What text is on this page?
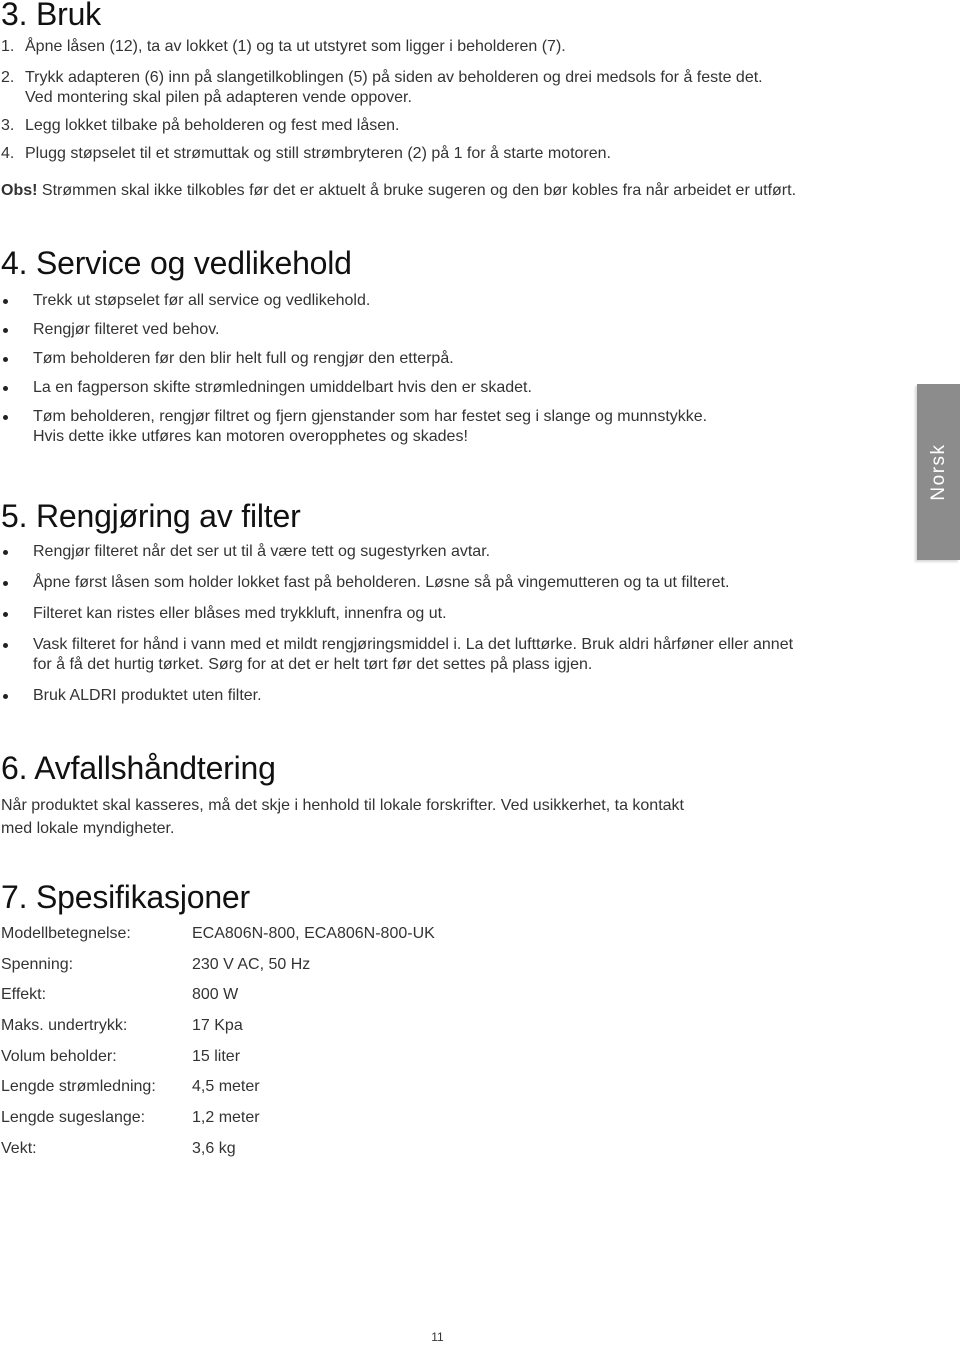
3. Bruk
1. Åpne låsen (12), ta av lokket (1) og ta ut utstyret som ligger i beholderen (7).
2. Trykk adapteren (6) inn på slangetilkoblingen (5) på siden av beholderen og drei medsols for å feste det.
Ved montering skal pilen på adapteren vende oppover.
3. Legg lokket tilbake på beholderen og fest med låsen.
4. Plugg støpselet til et strømuttak og still strømbryteren (2) på 1 for å starte motoren.
Obs! Strømmen skal ikke tilkobles før det er aktuelt å bruke sugeren og den bør kobles fra når arbeidet er utført.
4. Service og vedlikehold
Trekk ut støpselet før all service og vedlikehold.
Rengjør filteret ved behov.
Tøm beholderen før den blir helt full og rengjør den etterpå.
La en fagperson skifte strømledningen umiddelbart hvis den er skadet.
Tøm beholderen, rengjør filtret og fjern gjenstander som har festet seg i slange og munnstykke.
Hvis dette ikke utføres kan motoren overopphetes og skades!
5. Rengjøring av filter
Rengjør filteret når det ser ut til å være tett og sugestyrken avtar.
Åpne først låsen som holder lokket fast på beholderen. Løsne så på vingemutteren og ta ut filteret.
Filteret kan ristes eller blåses med trykkluft, innenfra og ut.
Vask filteret for hånd i vann med et mildt rengjøringsmiddel i. La det lufttørke. Bruk aldri hårføner eller annet
for å få det hurtig tørket. Sørg for at det er helt tørt før det settes på plass igjen.
Bruk ALDRI produktet uten filter.
6. Avfallshåndtering
Når produktet skal kasseres, må det skje i henhold til lokale forskrifter. Ved usikkerhet, ta kontakt
med lokale myndigheter.
7. Spesifikasjoner
Modellbetegnelse:	ECA806N-800, ECA806N-800-UK
Spenning:	230 V AC, 50 Hz
Effekt:	800 W
Maks. undertrykk:	17 Kpa
Volum beholder:	15 liter
Lengde strømledning:	4,5 meter
Lengde sugeslange:	1,2 meter
Vekt:	3,6 kg
Norsk
11
